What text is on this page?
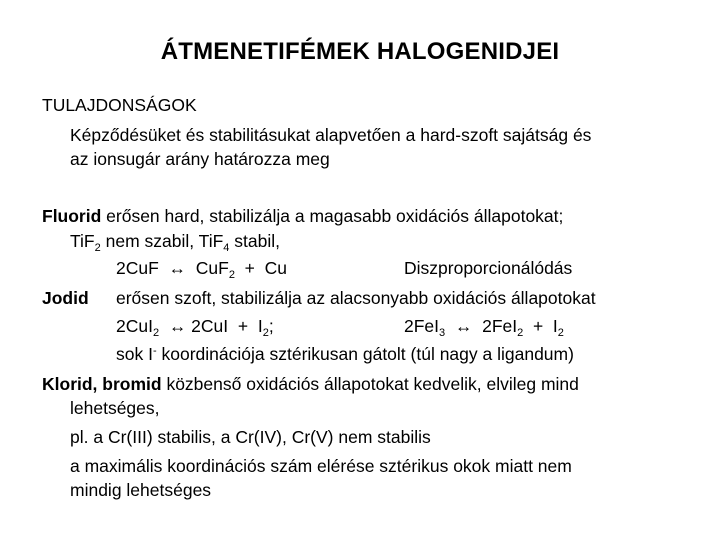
ÁTMENETIFÉMEK HALOGENIDJEI
TULAJDONSÁGOK
Képződésüket és stabilitásukat alapvetően a hard-szoft sajátság és
az ionsugár arány határozza meg
Fluorid erősen hard, stabilizálja a magasabb oxidációs állapotokat;
TiF$_2$ nem szabil, TiF$_4$ stabil,
2CuF  ↔  CuF$_2$  +  Cu	Diszproporcionálódás
Jodid erősen szoft, stabilizálja az alacsonyabb oxidációs állapotokat
2CuI$_2$  ↔ $2CuI + I_2$;	2FeI$_3$  ↔  $2FeI_2 + I_2$
sok I- koordinációja sztérikusan gátolt (túl nagy a ligandum)
Klorid, bromid közbenső oxidációs állapotokat kedvelik, elvileg mind
lehetséges,
pl. a Cr(III) stabilis, a Cr(IV), Cr(V) nem stabilis
a maximális koordinációs szám elérése sztérikus okok miatt nem
mindig lehetséges
